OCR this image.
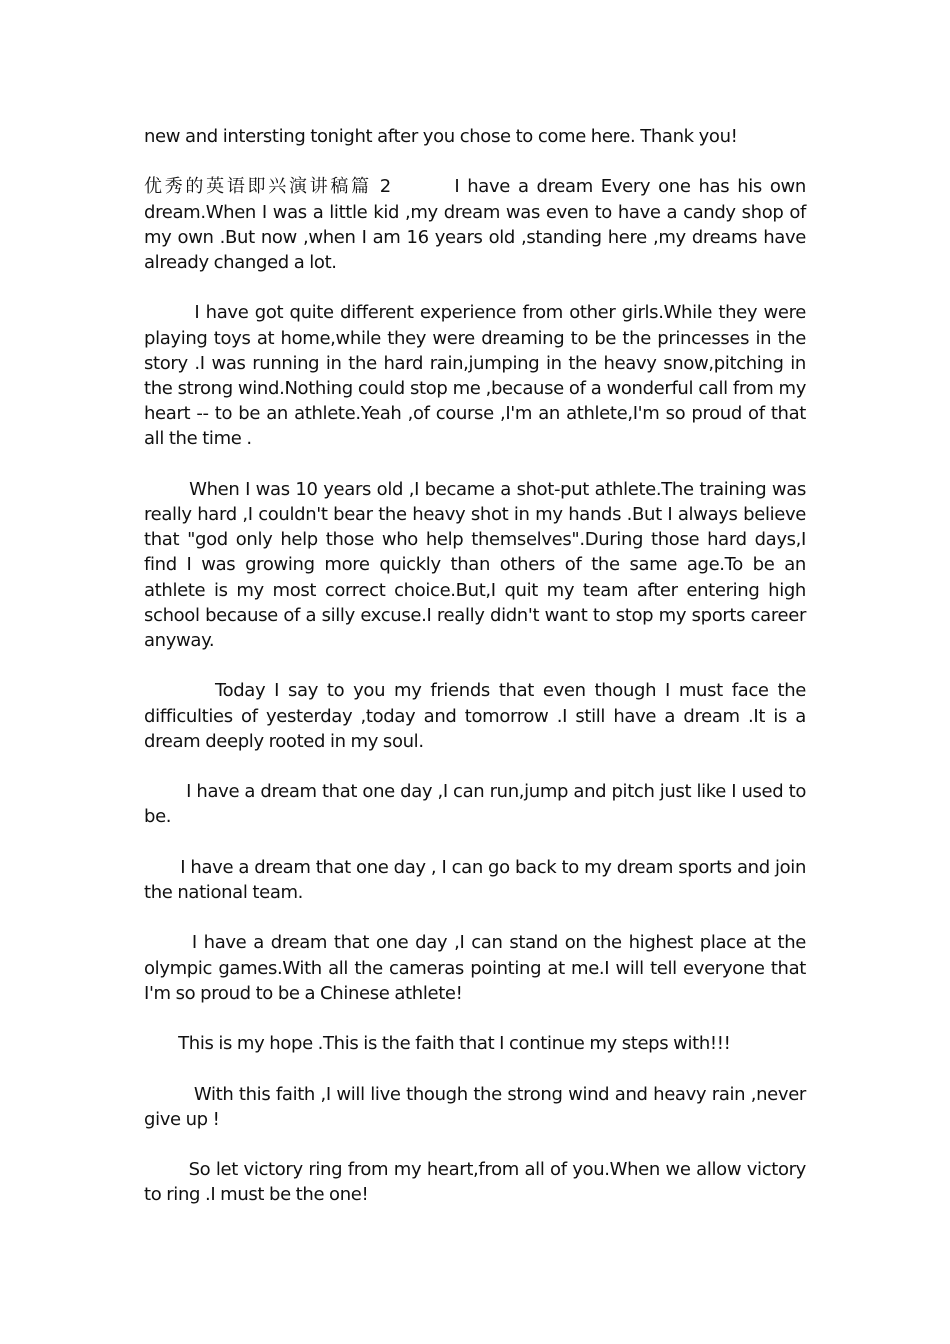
new and intersting tonight after you chose to come here. Thank you!

优秀的英语即兴演讲稿篇 2        I have a dream Every one has his own dream.When I was a little kid ,my dream was even to have a candy shop of my own .But now ,when I am 16 years old ,standing here ,my dreams have already changed a lot.

I have got quite different experience from other girls.While they were playing toys at home,while they were dreaming to be the princesses in the story .I was running in the hard rain,jumping in the heavy snow,pitching in the strong wind.Nothing could stop me ,because of a wonderful call from my heart -- to be an athlete.Yeah ,of course ,I'm an athlete,I'm so proud of that all the time .

When I was 10 years old ,I became a shot-put athlete.The training was really hard ,I couldn't bear the heavy shot in my hands .But I always believe that "god only help those who help themselves".During those hard days,I find I was growing more quickly than others of the same age.To be an athlete is my most correct choice.But,I quit my team after entering high school because of a silly excuse.I really didn't want to stop my sports career anyway.

Today I say to you my friends that even though I must face the difficulties of yesterday ,today and tomorrow .I still have a dream .It is a dream deeply rooted in my soul.

I have a dream that one day ,I can run,jump and pitch just like I used to be.

I have a dream that one day , I can go back to my dream sports and join the national team.

I have a dream that one day ,I can stand on the highest place at the olympic games.With all the cameras pointing at me.I will tell everyone that I'm so proud to be a Chinese athlete!

This is my hope .This is the faith that I continue my steps with!!!

With this faith ,I will live though the strong wind and heavy rain ,never give up !

So let victory ring from my heart,from all of you.When we allow victory to ring .I must be the one!
